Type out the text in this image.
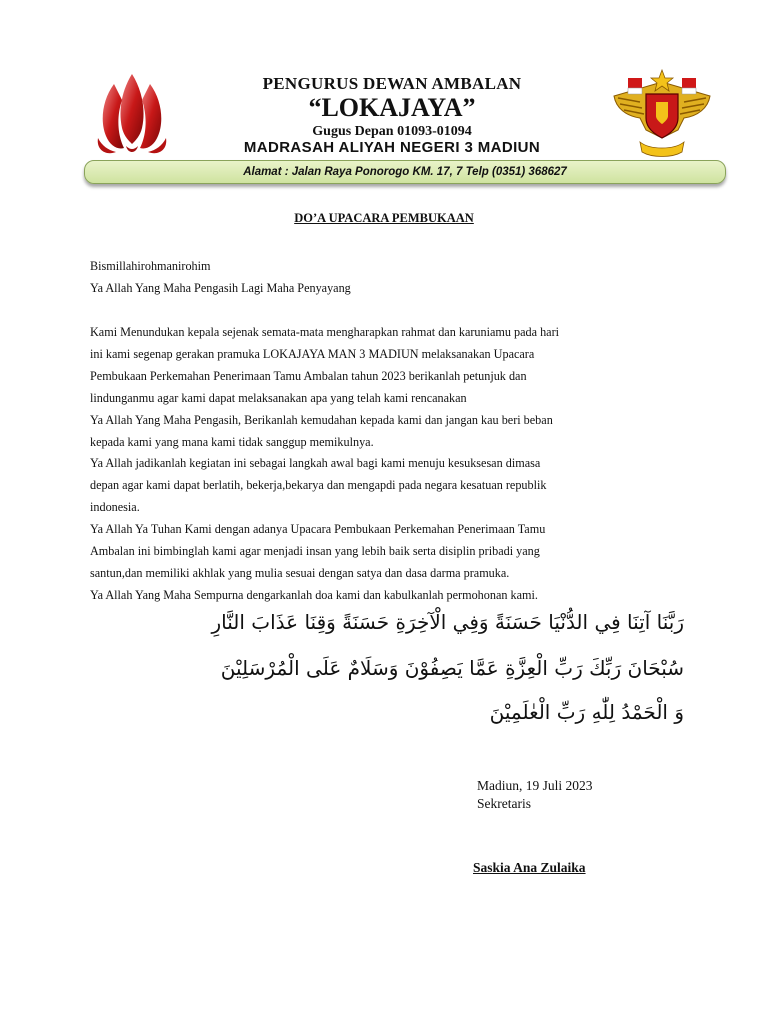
PENGURUS DEWAN AMBALAN
“LOKAJAYA”
Gugus Depan 01093-01094
MADRASAH ALIYAH NEGERI 3 MADIUN
Alamat : Jalan Raya Ponorogo KM. 17, 7 Telp (0351) 368627
DO’A UPACARA PEMBUKAAN

Bismillahirohmanirohim

Ya Allah Yang Maha Pengasih Lagi Maha Penyayang

Kami Menundukan kepala sejenak semata-mata mengharapkan rahmat dan karuniamu pada hari

ini kami segenap gerakan pramuka LOKAJAYA MAN 3 MADIUN melaksanakan Upacara

Pembukaan Perkemahan Penerimaan Tamu Ambalan tahun 2023 berikanlah petunjuk dan

lindunganmu agar kami dapat melaksanakan apa yang telah kami rencanakan

Ya Allah Yang Maha Pengasih, Berikanlah kemudahan kepada kami dan jangan kau beri beban

kepada kami yang mana kami tidak sanggup memikulnya.

Ya Allah jadikanlah kegiatan ini sebagai langkah awal bagi kami menuju kesuksesan dimasa

depan agar kami dapat berlatih, bekerja,bekarya dan mengapdi pada negara kesatuan republik

indonesia.

Ya Allah Ya Tuhan Kami dengan adanya Upacara Pembukaan Perkemahan Penerimaan Tamu

Ambalan ini bimbinglah kami agar menjadi insan yang lebih baik serta disiplin pribadi yang

santun,dan memiliki akhlak yang mulia sesuai dengan satya dan dasa darma pramuka.

Ya Allah Yang Maha Sempurna dengarkanlah doa kami dan kabulkanlah permohonan kami.

رَبَّنَا آتِنَا فِي الدُّنْيَا حَسَنَةً وَفِي الْآخِرَةِ حَسَنَةً وَقِنَا عَذَابَ النَّارِ
سُبْحَانَ رَبِّكَ رَبِّ الْعِزَّةِ عَمَّا يَصِفُوْنَ وَسَلَامٌ عَلَى الْمُرْسَلِيْنَ
وَ الْحَمْدُ لِلّٰهِ رَبِّ الْعٰلَمِيْنَ
Madiun, 19 Juli 2023
Sekretaris
Saskia Ana Zulaika
